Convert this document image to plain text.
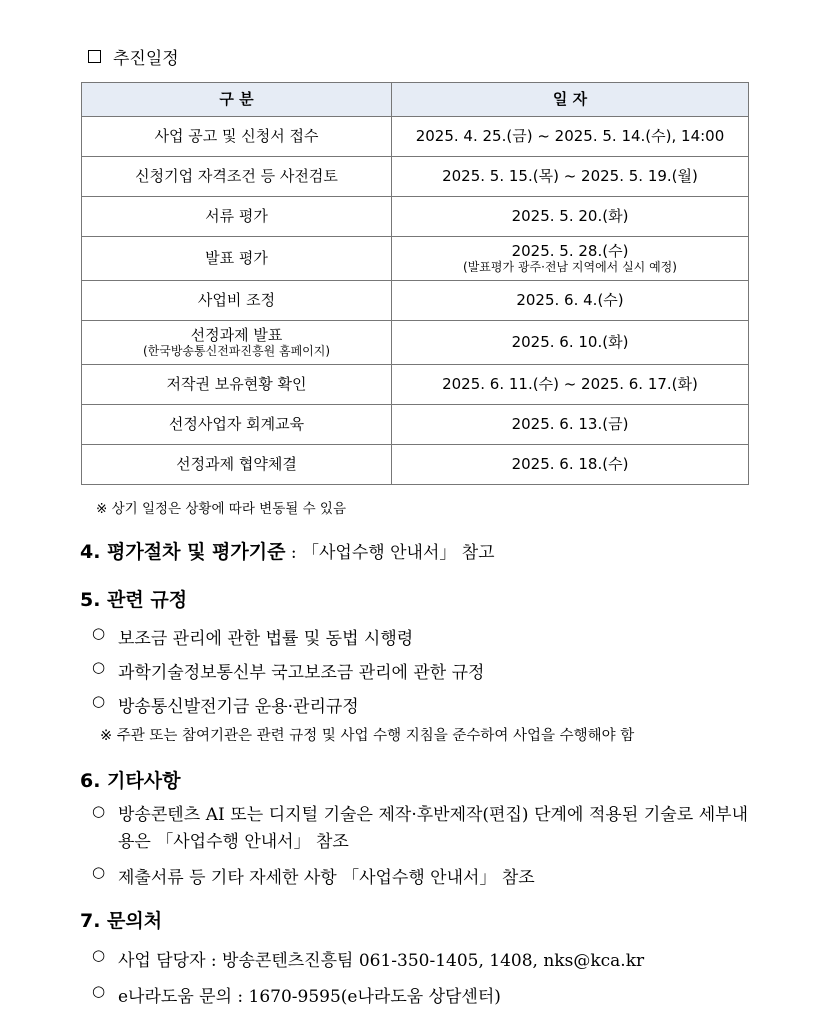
추진일정
구 분	일 자
사업 공고 및 신청서 접수	2025. 4. 25.(금) ~ 2025. 5. 14.(수), 14:00
신청기업 자격조건 등 사전검토	2025. 5. 15.(목) ~ 2025. 5. 19.(월)
서류 평가	2025. 5. 20.(화)
발표 평가	2025. 5. 28.(수)
(발표평가 광주·전남 지역에서 실시 예정)

사업비 조정	2025. 6. 4.(수)
선정과제 발표
(한국방송통신전파진흥원 홈페이지)	2025. 6. 10.(화)
저작권 보유현황 확인	2025. 6. 11.(수) ~ 2025. 6. 17.(화)
선정사업자 회계교육	2025. 6. 13.(금)
선정과제 협약체결	2025. 6. 18.(수)
※ 상기 일정은 상황에 따라 변동될 수 있음
4. 평가절차 및 평가기준 : 「사업수행 안내서」 참고
5. 관련 규정
○ 보조금 관리에 관한 법률 및 동법 시행령
○ 과학기술정보통신부 국고보조금 관리에 관한 규정
○ 방송통신발전기금 운용·관리규정
※ 주관 또는 참여기관은 관련 규정 및 사업 수행 지침을 준수하여 사업을 수행해야 함
6. 기타사항
○ 방송콘텐츠 AI 또는 디지털 기술은 제작·후반제작(편집) 단계에 적용된 기술로 세부내용은 「사업수행 안내서」 참조
○ 제출서류 등 기타 자세한 사항 「사업수행 안내서」 참조
7. 문의처
○ 사업 담당자 : 방송콘텐츠진흥팀 061-350-1405, 1408, nks@kca.kr
○ e나라도움 문의 : 1670-9595(e나라도움 상담센터)
